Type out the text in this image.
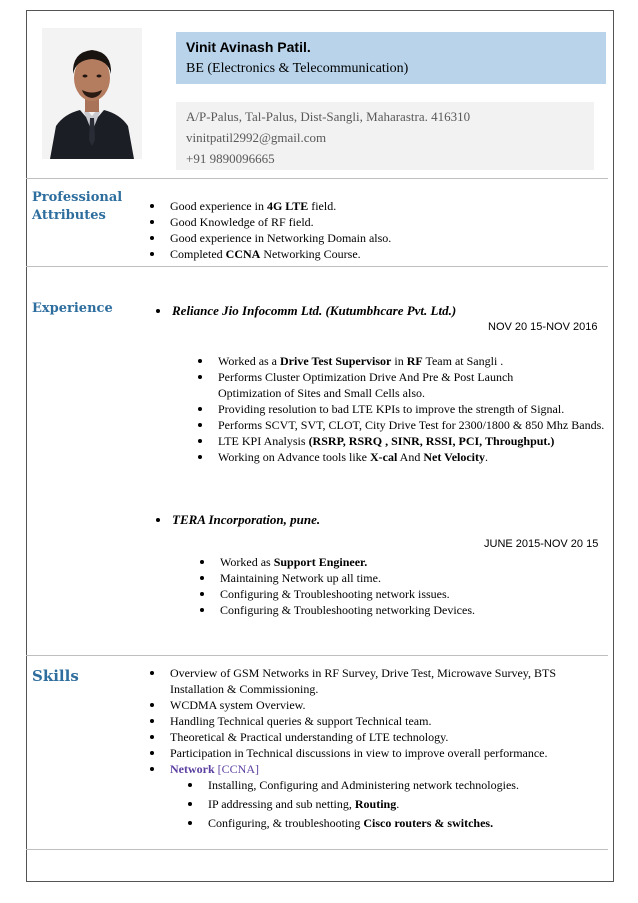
Vinit Avinash Patil.
BE (Electronics & Telecommunication)
A/P-Palus, Tal-Palus, Dist-Sangli, Maharastra. 416310
vinitpatil2992@gmail.com
+91 9890096665
Professional
Attributes
Good experience in 4G LTE field.
Good Knowledge of RF field.
Good experience in Networking Domain also.
Completed CCNA Networking Course.
Experience	Reliance Jio Infocomm Ltd. (Kutumbhcare Pvt. Ltd.)
NOV 20 15-NOV 2016
Worked as a Drive Test Supervisor in RF Team at Sangli .
Performs Cluster Optimization Drive And Pre & Post Launch Optimization of Sites and Small Cells also.
Providing resolution to bad LTE KPIs to improve the strength of Signal.
Performs SCVT, SVT, CLOT, City Drive Test for 2300/1800 & 850 Mhz Bands.
LTE KPI Analysis (RSRP, RSRQ , SINR, RSSI, PCI, Throughput.)
Working on Advance tools like X-cal And Net Velocity.
TERA Incorporation, pune.
JUNE 2015-NOV 20 15
Worked as Support Engineer.
Maintaining Network up all time.
Configuring & Troubleshooting network issues.
Configuring & Troubleshooting networking Devices.
Skills	Overview of GSM Networks in RF Survey, Drive Test, Microwave Survey, BTS Installation & Commissioning.
WCDMA system Overview.
Handling Technical queries & support Technical team.
Theoretical & Practical understanding of LTE technology.
Participation in Technical discussions in view to improve overall performance.
Network [CCNA]
Installing, Configuring and Administering network technologies.
IP addressing and sub netting, Routing.
Configuring, & troubleshooting Cisco routers & switches.
